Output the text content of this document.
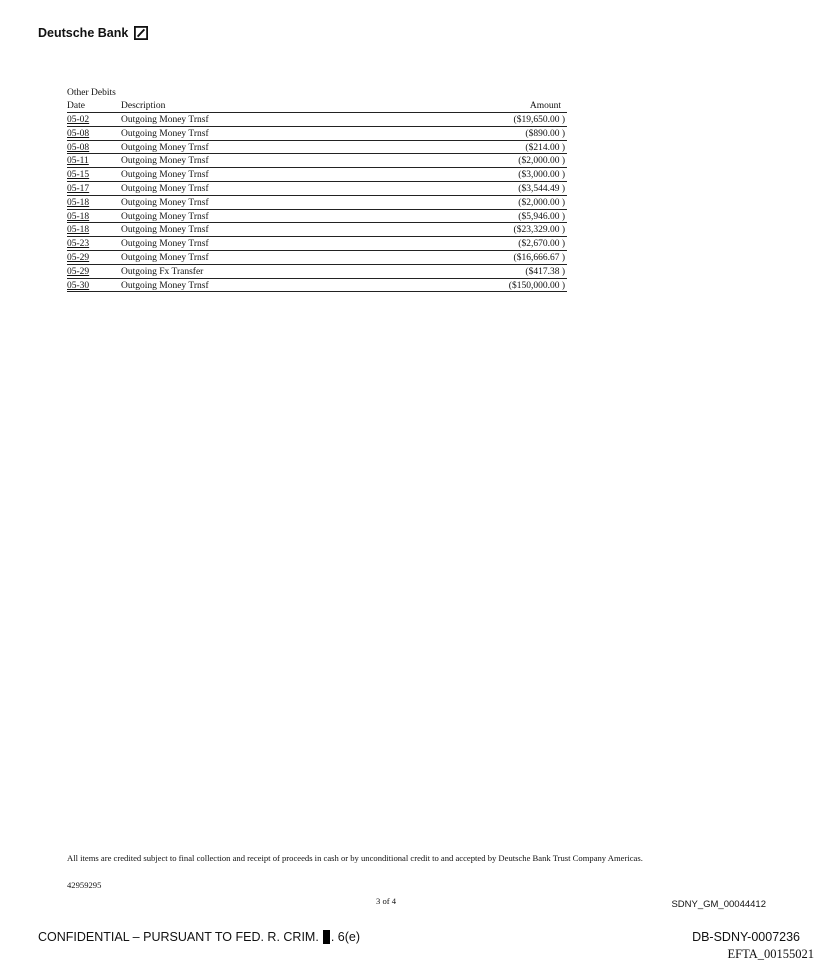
Deutsche Bank
Other Debits
Date	Description	Amount
05-02	Outgoing Money Trnsf	($19,650.00 )
05-08	Outgoing Money Trnsf	($890.00 )
05-08	Outgoing Money Trnsf	($214.00 )
05-11	Outgoing Money Trnsf	($2,000.00 )
05-15	Outgoing Money Trnsf	($3,000.00 )
05-17	Outgoing Money Trnsf	($3,544.49 )
05-18	Outgoing Money Trnsf	($2,000.00 )
05-18	Outgoing Money Trnsf	($5,946.00 )
05-18	Outgoing Money Trnsf	($23,329.00 )
05-23	Outgoing Money Trnsf	($2,670.00 )
05-29	Outgoing Money Trnsf	($16,666.67 )
05-29	Outgoing Fx Transfer	($417.38 )
05-30	Outgoing Money Trnsf	($150,000.00 )
All items are credited subject to final collection and receipt of proceeds in cash or by unconditional credit to and accepted by Deutsche Bank Trust Company Americas.
42959295
3 of 4	SDNY_GM_00044412
CONFIDENTIAL – PURSUANT TO FED. R. CRIM. . 6(e)	DB-SDNY-0007236
EFTA_00155021
